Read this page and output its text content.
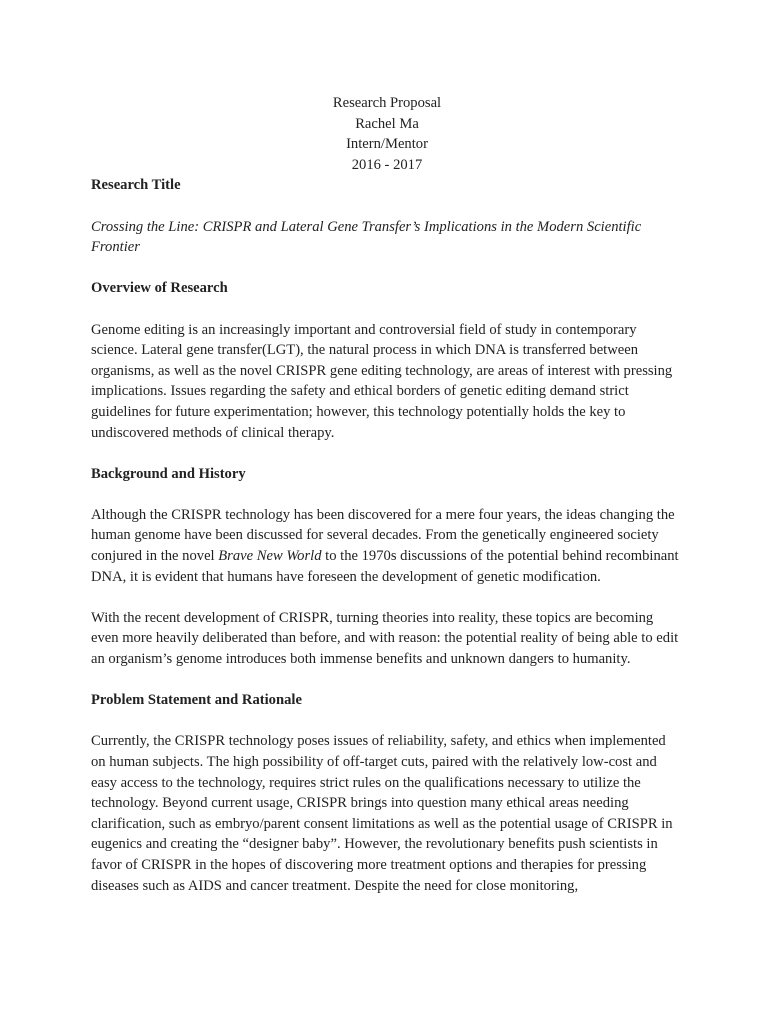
Research Proposal
Rachel Ma
Intern/Mentor
2016 - 2017

Research Title

Crossing the Line: CRISPR and Lateral Gene Transfer’s Implications in the Modern Scientific Frontier

Overview of Research

Genome editing is an increasingly important and controversial field of study in contemporary science. Lateral gene transfer(LGT), the natural process in which DNA is transferred between organisms, as well as the novel CRISPR gene editing technology, are areas of interest with pressing implications. Issues regarding the safety and ethical borders of genetic editing demand strict guidelines for future experimentation; however, this technology potentially holds the key to undiscovered methods of clinical therapy.

Background and History

Although the CRISPR technology has been discovered for a mere four years, the ideas changing the human genome have been discussed for several decades. From the genetically engineered society conjured in the novel Brave New World to the 1970s discussions of the potential behind recombinant DNA, it is evident that humans have foreseen the development of genetic modification.

With the recent development of CRISPR, turning theories into reality, these topics are becoming even more heavily deliberated than before, and with reason: the potential reality of being able to edit an organism’s genome introduces both immense benefits and unknown dangers to humanity.

Problem Statement and Rationale

Currently, the CRISPR technology poses issues of reliability, safety, and ethics when implemented on human subjects. The high possibility of off-target cuts, paired with the relatively low-cost and easy access to the technology, requires strict rules on the qualifications necessary to utilize the technology. Beyond current usage, CRISPR brings into question many ethical areas needing clarification, such as embryo/parent consent limitations as well as the potential usage of CRISPR in eugenics and creating the “designer baby”. However, the revolutionary benefits push scientists in favor of CRISPR in the hopes of discovering more treatment options and therapies for pressing diseases such as AIDS and cancer treatment. Despite the need for close monitoring,
